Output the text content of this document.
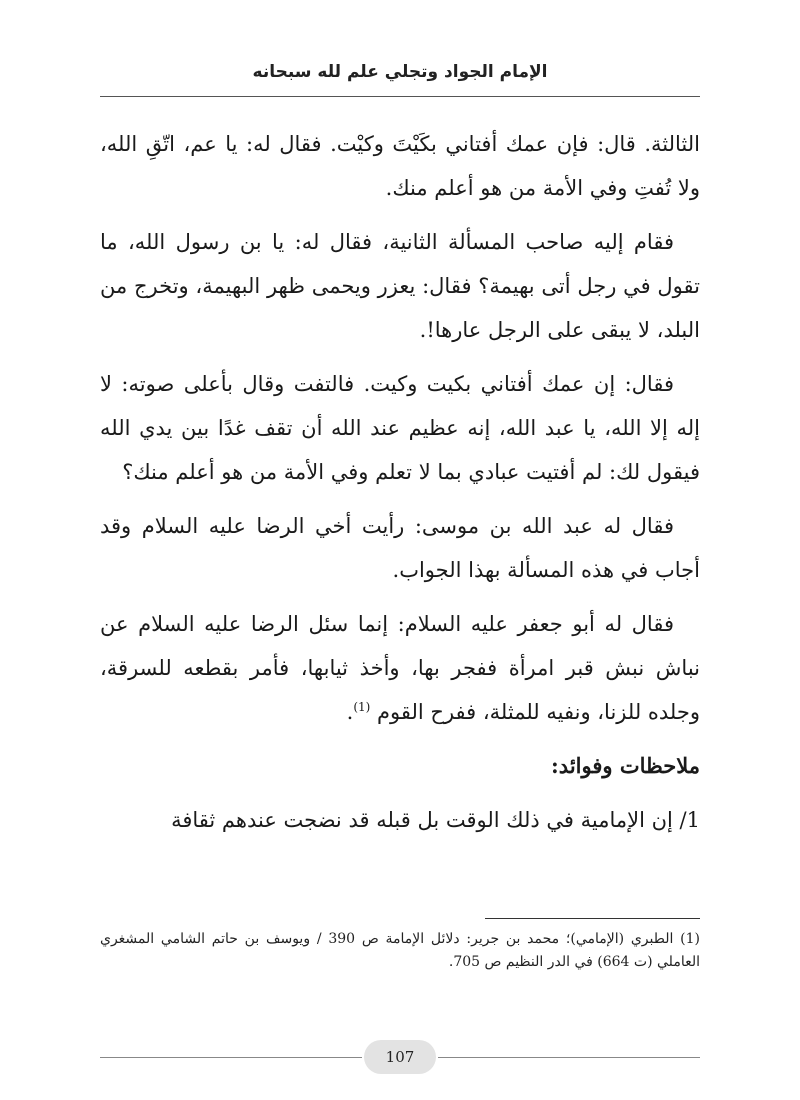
الإمام الجواد وتجلي علم لله سبحانه

الثالثة. قال: فإن عمك أفتاني بكَيْتَ وكيْت. فقال له: يا عم، اتّقِ الله، ولا تُفتِ وفي الأمة من هو أعلم منك.

فقام إليه صاحب المسألة الثانية، فقال له: يا بن رسول الله، ما تقول في رجل أتى بهيمة؟ فقال: يعزر ويحمى ظهر البهيمة، وتخرج من البلد، لا يبقى على الرجل عارها!.

فقال: إن عمك أفتاني بكيت وكيت. فالتفت وقال بأعلى صوته: لا إله إلا الله، يا عبد الله، إنه عظيم عند الله أن تقف غدًا بين يدي الله فيقول لك: لم أفتيت عبادي بما لا تعلم وفي الأمة من هو أعلم منك؟

فقال له عبد الله بن موسى: رأيت أخي الرضا عليه السلام وقد أجاب في هذه المسألة بهذا الجواب.

فقال له أبو جعفر عليه السلام: إنما سئل الرضا عليه السلام عن نباش نبش قبر امرأة ففجر بها، وأخذ ثيابها، فأمر بقطعه للسرقة، وجلده للزنا، ونفيه للمثلة، ففرح القوم $^{(1)}$.

ملاحظات وفوائد:

1/ إن الإمامية في ذلك الوقت بل قبله قد نضجت عندهم ثقافة

(1) الطبري (الإمامي)؛ محمد بن جرير: دلائل الإمامة ص 390 / ويوسف بن حاتم الشامي المشغري العاملي (ت 664) في الدر النظيم ص 705.

107
